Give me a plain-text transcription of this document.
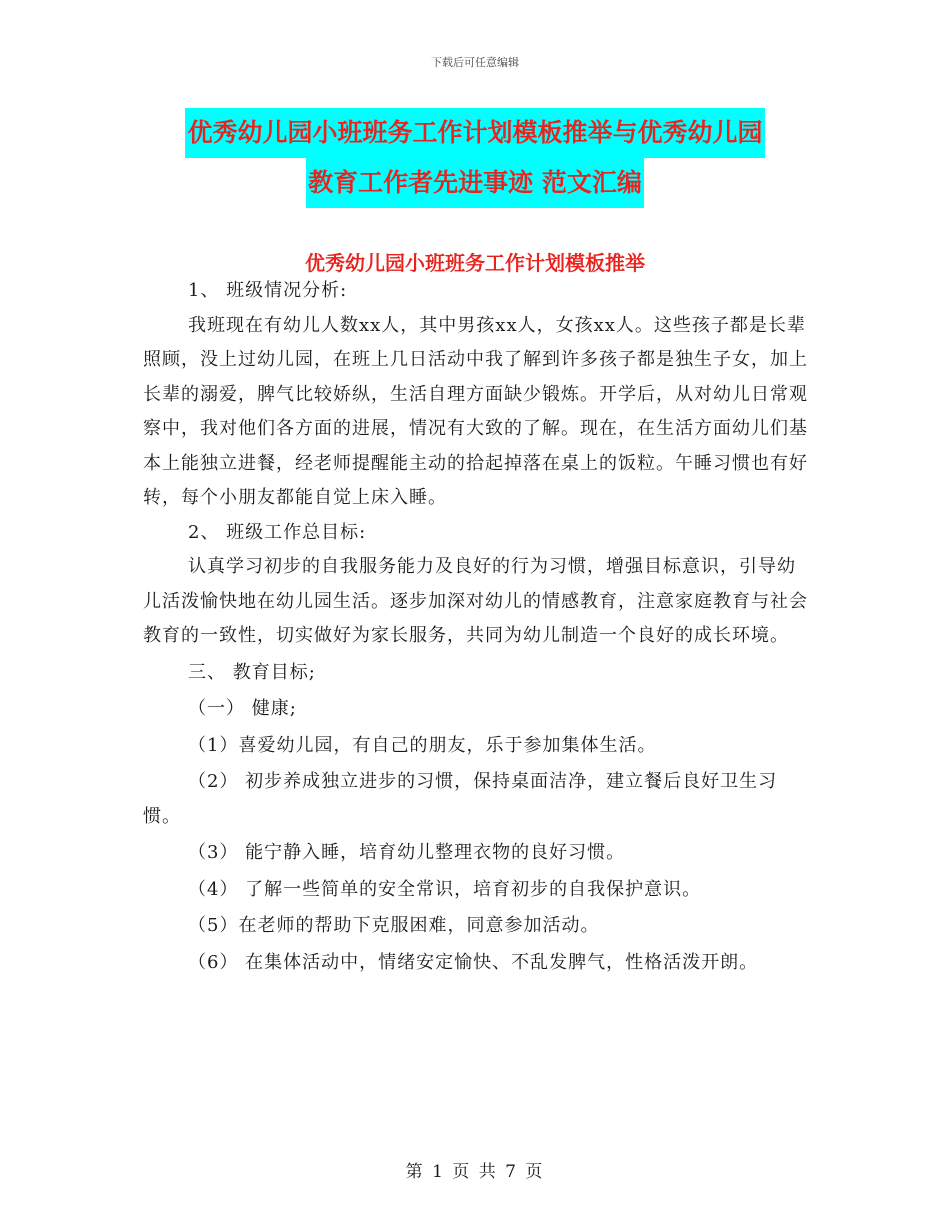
下载后可任意编辑
优秀幼儿园小班班务工作计划模板推举与优秀幼儿园
教育工作者先进事迹 范文汇编
优秀幼儿园小班班务工作计划模板推举

1、 班级情况分析:

我班现在有幼儿人数xx人，其中男孩xx人，女孩xx人。这些孩子都是长辈照顾，没上过幼儿园，在班上几日活动中我了解到许多孩子都是独生子女，加上长辈的溺爱，脾气比较娇纵，生活自理方面缺少锻炼。开学后，从对幼儿日常观察中，我对他们各方面的进展，情况有大致的了解。现在，在生活方面幼儿们基本上能独立进餐，经老师提醒能主动的拾起掉落在桌上的饭粒。午睡习惯也有好转，每个小朋友都能自觉上床入睡。

2、 班级工作总目标:

认真学习初步的自我服务能力及良好的行为习惯，增强目标意识，引导幼儿活泼愉快地在幼儿园生活。逐步加深对幼儿的情感教育，注意家庭教育与社会教育的一致性，切实做好为家长服务，共同为幼儿制造一个良好的成长环境。

三、 教育目标;

（一） 健康;

（1）喜爱幼儿园，有自己的朋友，乐于参加集体生活。

（2） 初步养成独立进步的习惯，保持桌面洁净，建立餐后良好卫生习惯。

（3） 能宁静入睡，培育幼儿整理衣物的良好习惯。

（4） 了解一些简单的安全常识，培育初步的自我保护意识。

（5）在老师的帮助下克服困难，同意参加活动。

（6） 在集体活动中，情绪安定愉快、不乱发脾气，性格活泼开朗。

第 1 页 共 7 页
